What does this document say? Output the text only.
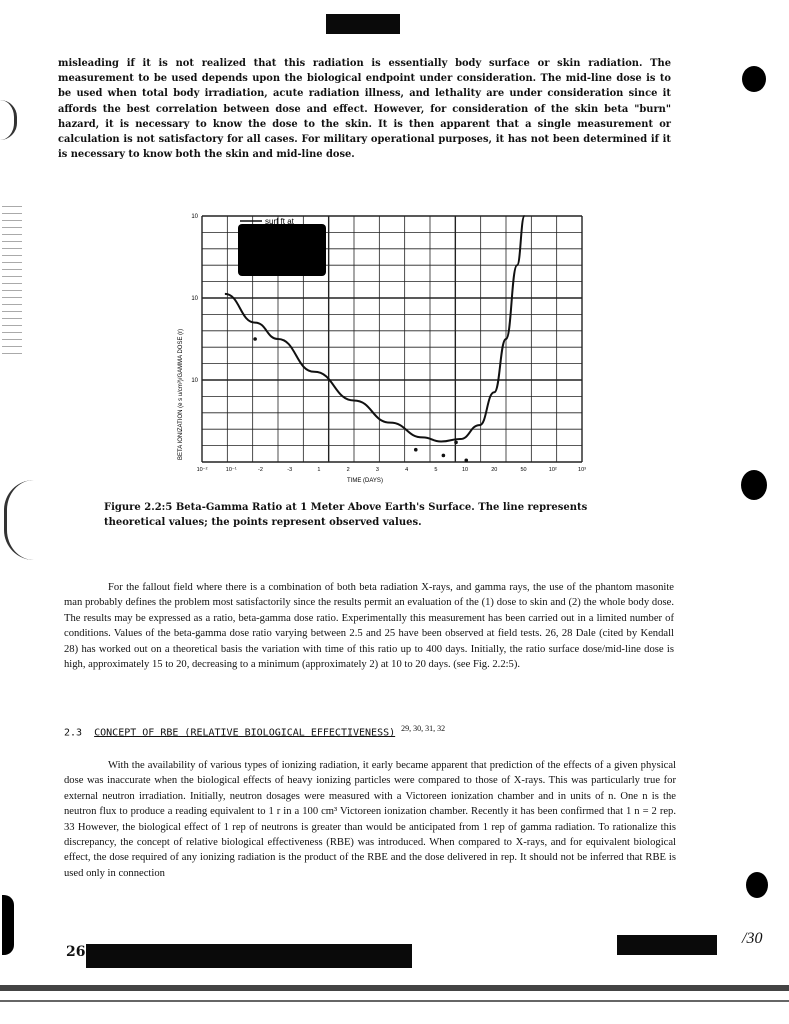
misleading if it is not realized that this radiation is essentially body surface or skin radiation. The measurement to be used depends upon the biological endpoint under consideration. The mid-line dose is to be used when total body irradiation, acute radiation illness, and lethality are under consideration since it affords the best correlation between dose and effect. However, for consideration of the skin beta "burn" hazard, it is necessary to know the dose to the skin. It is then apparent that a single measurement or calculation is not satisfactory for all cases. For military operational purposes, it has not been determined if it is necessary to know both the skin and mid-line dose.
10
10
10
10⁻²	10⁻¹	-2	-3	1	2	3	4	5	10	20	50	10²	10³
surf ft at
BETA IONIZATION (e s u/cm³)/GAMMA DOSE (r)
TIME (DAYS)
Figure 2.2:5 Beta-Gamma Ratio at 1 Meter Above Earth's Surface. The line represents theoretical values; the points represent observed values.
For the fallout field where there is a combination of both beta radiation X-rays, and gamma rays, the use of the phantom masonite man probably defines the problem most satisfactorily since the results permit an evaluation of the (1) dose to skin and (2) the whole body dose. The results may be expressed as a ratio, beta-gamma dose ratio. Experimentally this measurement has been carried out in a limited number of conditions. Values of the beta-gamma dose ratio varying between 2.5 and 25 have been observed at field tests. 26, 28 Dale (cited by Kendall 28) has worked out on a theoretical basis the variation with time of this ratio up to 400 days. Initially, the ratio surface dose/mid-line dose is high, approximately 15 to 20, decreasing to a minimum (approximately 2) at 10 to 20 days. (see Fig. 2.2:5).
2.3 CONCEPT OF RBE (RELATIVE BIOLOGICAL EFFECTIVENESS) $^{29, 30, 31, 32}$
With the availability of various types of ionizing radiation, it early became apparent that prediction of the effects of a given physical dose was inaccurate when the biological effects of heavy ionizing particles were compared to those of X-rays. This was particularly true for external neutron irradiation. Initially, neutron dosages were measured with a Victoreen ionization chamber and in units of n. One n is the neutron flux to produce a reading equivalent to 1 r in a 100 cm³ Victoreen ionization chamber. Recently it has been confirmed that 1 n = 2 rep. 33 However, the biological effect of 1 rep of neutrons is greater than would be anticipated from 1 rep of gamma radiation. To rationalize this discrepancy, the concept of relative biological effectiveness (RBE) was introduced. When compared to X-rays, and for equivalent biological effect, the dose required of any ionizing radiation is the product of the RBE and the dose delivered in rep. It should not be inferred that RBE is used only in connection
26
/30
